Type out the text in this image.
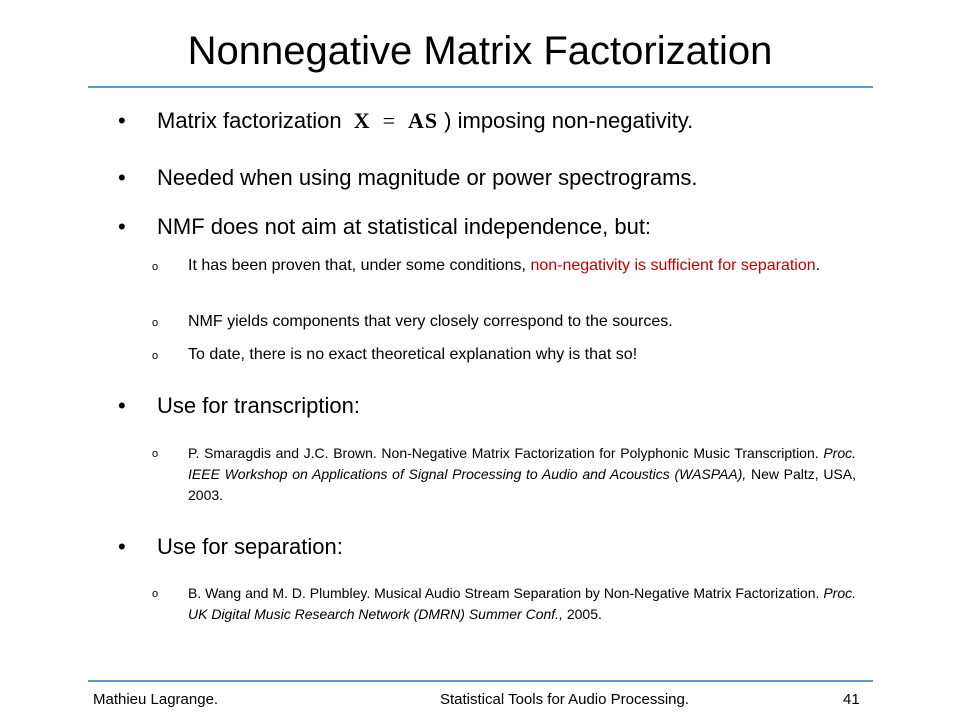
Nonnegative Matrix Factorization
• Matrix factorization X = AS ) imposing non-negativity.
• Needed when using magnitude or power spectrograms.
• NMF does not aim at statistical independence, but:
o It has been proven that, under some conditions, non-negativity is sufficient for separation.
o NMF yields components that very closely correspond to the sources.
o To date, there is no exact theoretical explanation why is that so!
• Use for transcription:
o P. Smaragdis and J.C. Brown. Non-Negative Matrix Factorization for Polyphonic Music Transcription. Proc. IEEE Workshop on Applications of Signal Processing to Audio and Acoustics (WASPAA), New Paltz, USA, 2003.
• Use for separation:
o B. Wang and M. D. Plumbley. Musical Audio Stream Separation by Non-Negative Matrix Factorization. Proc. UK Digital Music Research Network (DMRN) Summer Conf., 2005.
Mathieu Lagrange.	Statistical Tools for Audio Processing.	41
